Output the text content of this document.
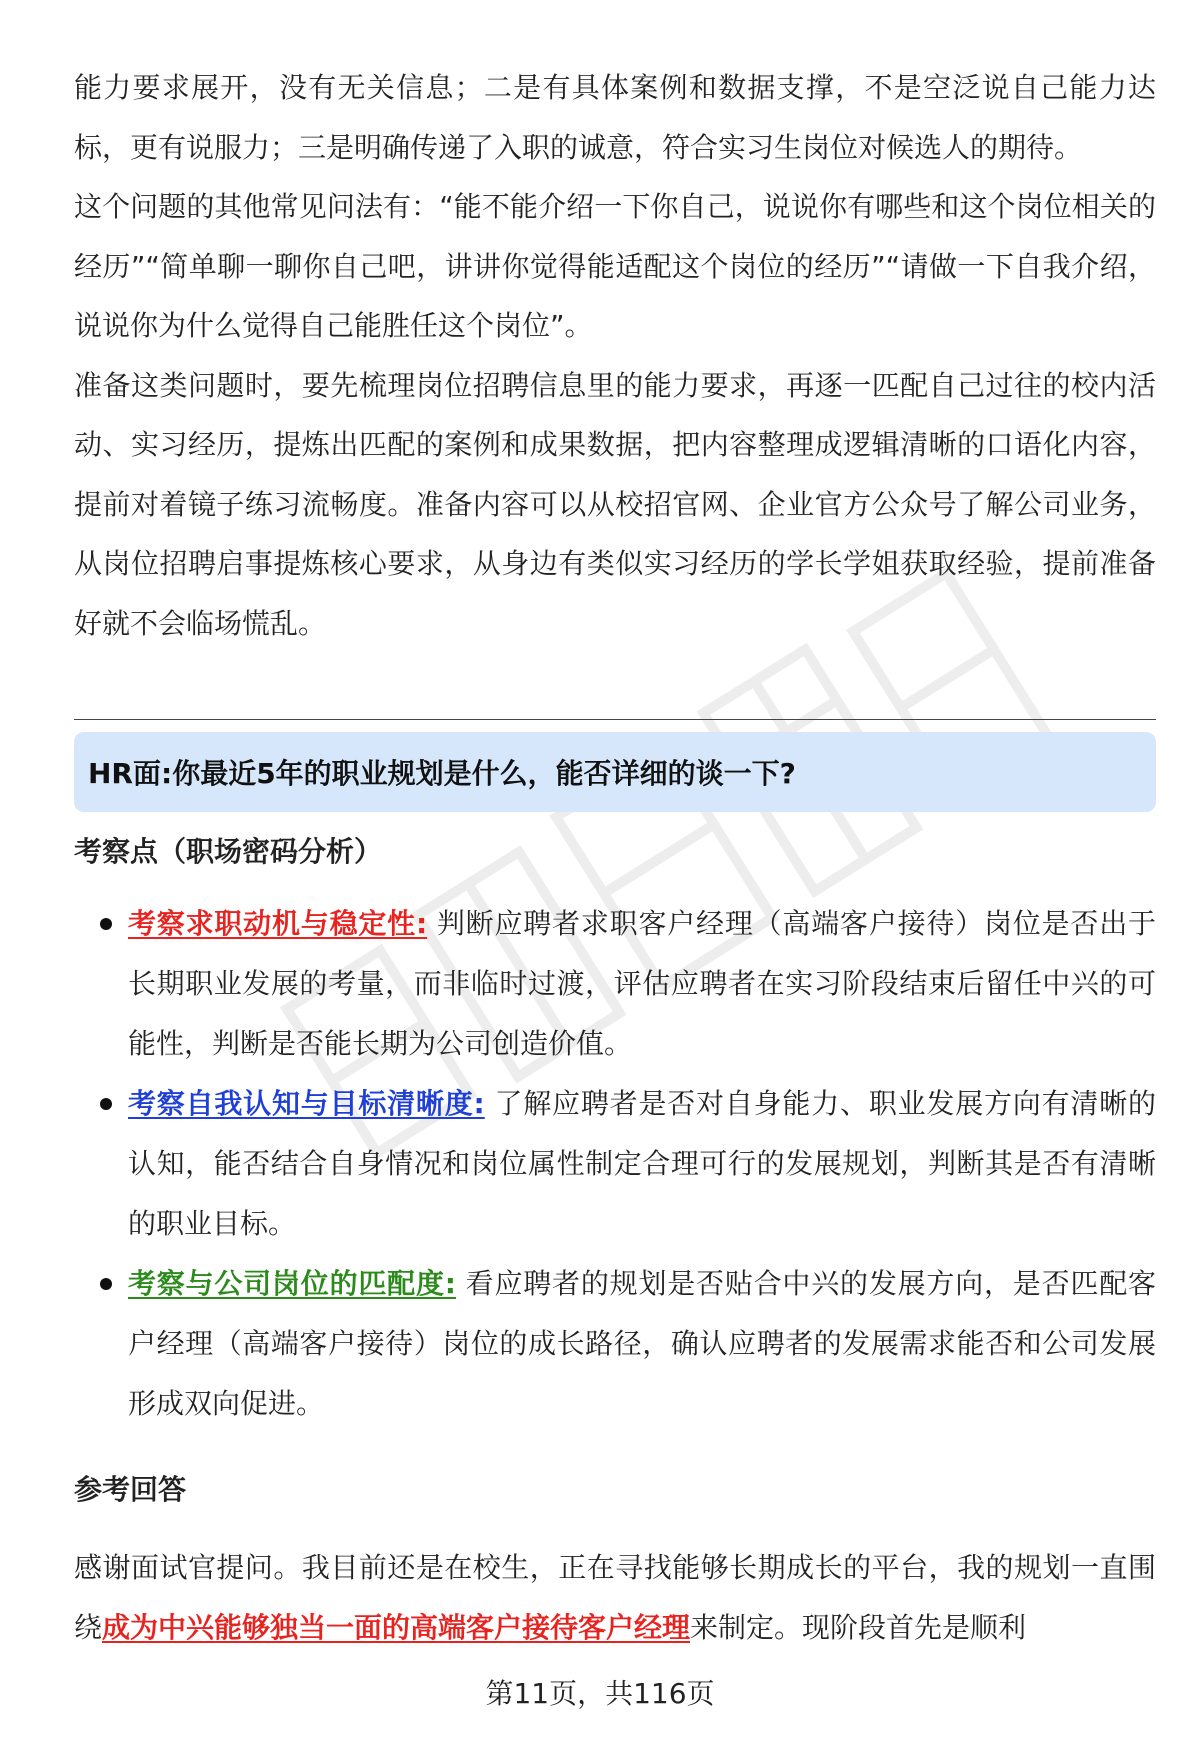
能力要求展开，没有无关信息；二是有具体案例和数据支撑，不是空泛说自己能力达标，更有说服力；三是明确传递了入职的诚意，符合实习生岗位对候选人的期待。

这个问题的其他常见问法有：“能不能介绍一下你自己，说说你有哪些和这个岗位相关的经历”“简单聊一聊你自己吧，讲讲你觉得能适配这个岗位的经历”“请做一下自我介绍，说说你为什么觉得自己能胜任这个岗位”。

准备这类问题时，要先梳理岗位招聘信息里的能力要求，再逐一匹配自己过往的校内活动、实习经历，提炼出匹配的案例和成果数据，把内容整理成逻辑清晰的口语化内容，提前对着镜子练习流畅度。准备内容可以从校招官网、企业官方公众号了解公司业务，从岗位招聘启事提炼核心要求，从身边有类似实习经历的学长学姐获取经验，提前准备好就不会临场慌乱。

HR面:你最近5年的职业规划是什么，能否详细的谈一下?
考察点（职场密码分析）
考察求职动机与稳定性: 判断应聘者求职客户经理（高端客户接待）岗位是否出于长期职业发展的考量，而非临时过渡，评估应聘者在实习阶段结束后留任中兴的可能性，判断是否能长期为公司创造价值。
考察自我认知与目标清晰度: 了解应聘者是否对自身能力、职业发展方向有清晰的认知，能否结合自身情况和岗位属性制定合理可行的发展规划，判断其是否有清晰的职业目标。
考察与公司岗位的匹配度: 看应聘者的规划是否贴合中兴的发展方向，是否匹配客户经理（高端客户接待）岗位的成长路径，确认应聘者的发展需求能否和公司发展形成双向促进。
参考回答

感谢面试官提问。我目前还是在校生，正在寻找能够长期成长的平台，我的规划一直围绕成为中兴能够独当一面的高端客户接待客户经理来制定。现阶段首先是顺利

第11页，共116页
